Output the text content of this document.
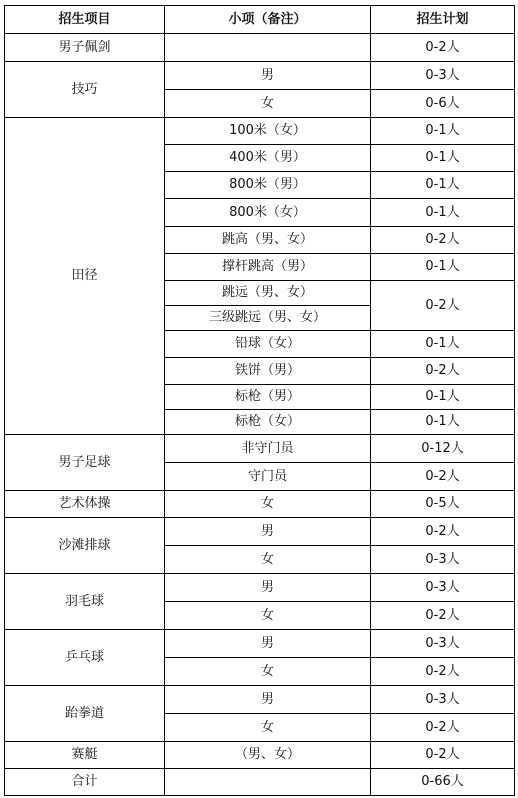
招生项目	小项（备注）	招生计划
男子佩剑		0-2人
技巧	男	0-3人
	女	0-6人
田径	100米（女）	0-1人
	400米（男）	0-1人
	800米（男）	0-1人
	800米（女）	0-1人
	跳高（男、女）	0-2人
	撑杆跳高（男）	0-1人
	跳远（男、女）	0-2人
	三级跳远（男、女）	
	铅球（女）	0-1人
	铁饼（男）	0-2人
	标枪（男）	0-1人
	标枪（女）	0-1人
男子足球	非守门员	0-12人
	守门员	0-2人
艺术体操	女	0-5人
沙滩排球	男	0-2人
	女	0-3人
羽毛球	男	0-3人
	女	0-2人
乒乓球	男	0-3人
	女	0-2人
跆拳道	男	0-3人
	女	0-2人
赛艇	（男、女）	0-2人
合计		0-66人
